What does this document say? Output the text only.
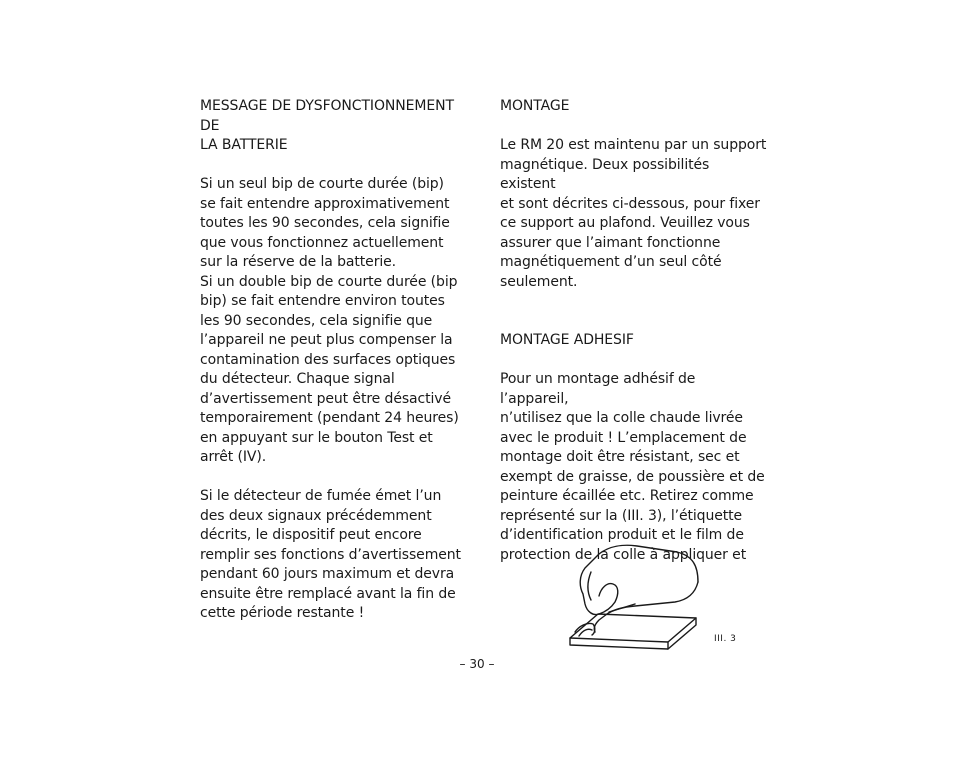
MESSAGE DE DYSFONCTIONNEMENT DE
LA BATTERIE

Si un seul bip de courte durée (bip)
se fait entendre approximativement
toutes les 90 secondes, cela signifie
que vous fonctionnez actuellement
sur la réserve de la batterie.

Si un double bip de courte durée (bip
bip) se fait entendre environ toutes
les 90 secondes, cela signifie que
l’appareil ne peut plus compenser la
contamination des surfaces optiques
du détecteur. Chaque signal
d’avertissement peut être désactivé
temporairement (pendant 24 heures)
en appuyant sur le bouton Test et
arrêt (IV).

Si le détecteur de fumée émet l’un
des deux signaux précédemment
décrits, le dispositif peut encore
remplir ses fonctions d’avertissement
pendant 60 jours maximum et devra
ensuite être remplacé avant la fin de
cette période restante !

MONTAGE

Le RM 20 est maintenu par un support
magnétique. Deux possibilités existent
et sont décrites ci-dessous, pour fixer
ce support au plafond. Veuillez vous
assurer que l’aimant fonctionne
magnétiquement d’un seul côté
seulement.

MONTAGE ADHESIF

Pour un montage adhésif de l’appareil,
n’utilisez que la colle chaude livrée
avec le produit ! L’emplacement de
montage doit être résistant, sec et
exempt de graisse, de poussière et de
peinture écaillée etc. Retirez comme
représenté sur la (III. 3), l’étiquette
d’identification produit et le film de
protection de la colle à appliquer et

III. 3
– 30 –
